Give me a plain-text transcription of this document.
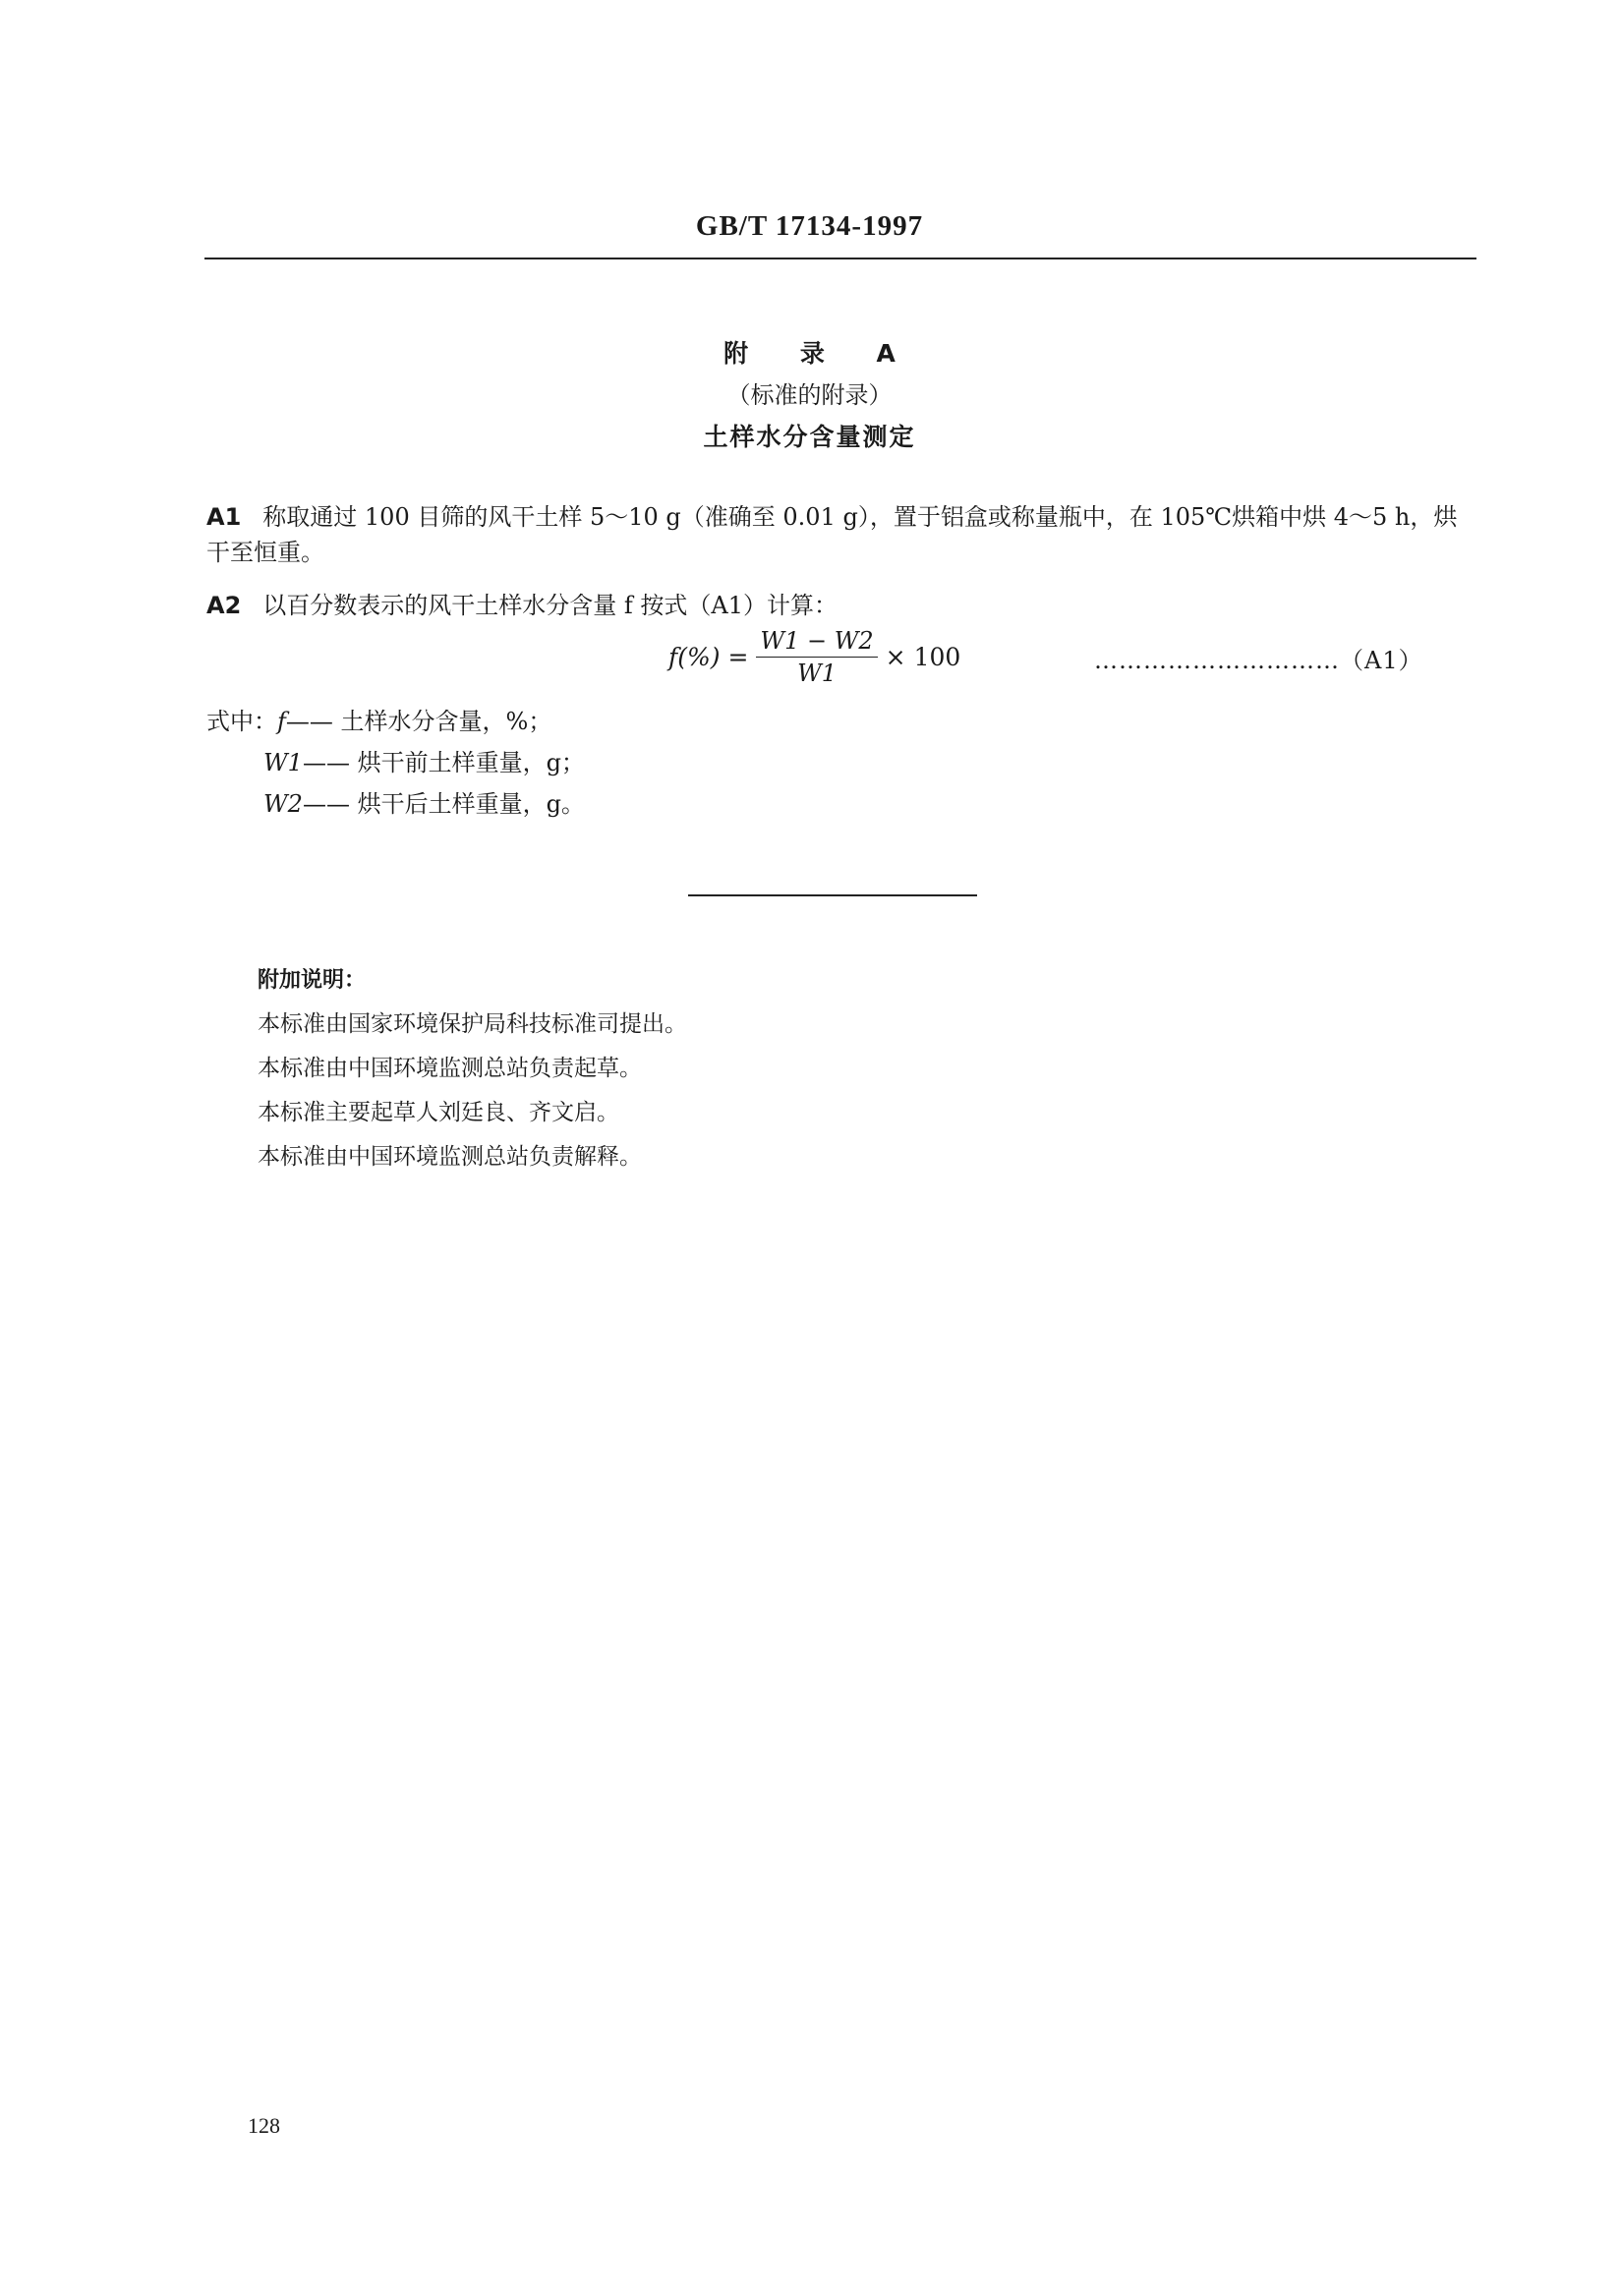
GB/T 17134-1997
附 录 A
（标准的附录）
土样水分含量测定
A1 称取通过 100 目筛的风干土样 5～10 g（准确至 0.01 g），置于铝盒或称量瓶中，在 105℃烘箱中烘 4～5 h，烘干至恒重。
A2 以百分数表示的风干土样水分含量 f 按式（A1）计算：
$f(\%) = \frac{W1 - W2}{W1} \times 100$	…………………………（A1）
式中：f—— 土样水分含量，%；
W1—— 烘干前土样重量，g；
W2—— 烘干后土样重量，g。
附加说明：
本标准由国家环境保护局科技标准司提出。
本标准由中国环境监测总站负责起草。
本标准主要起草人刘廷良、齐文启。
本标准由中国环境监测总站负责解释。
128
